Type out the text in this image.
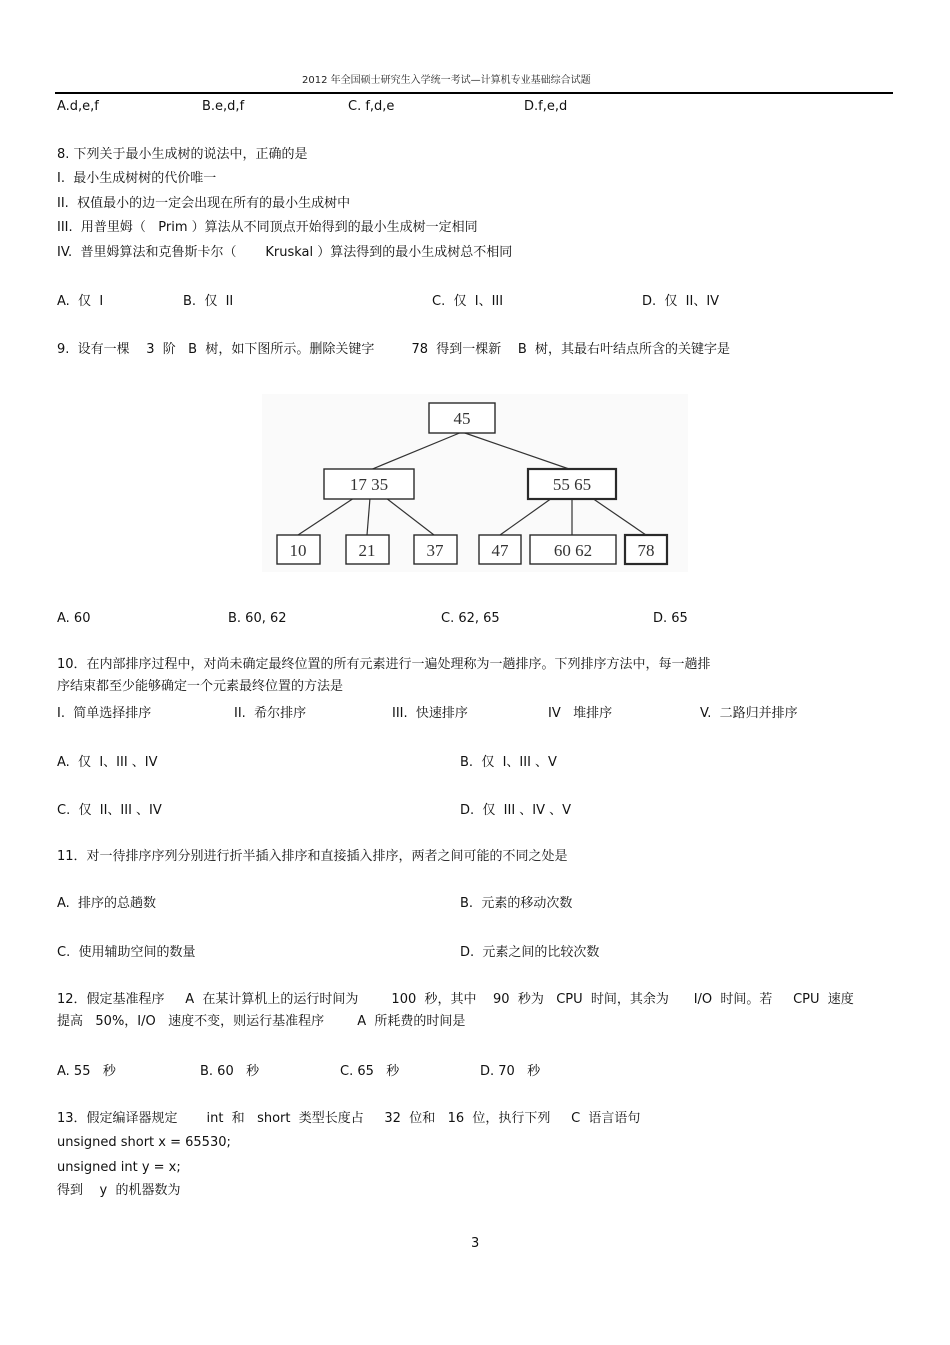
2012 年全国硕士研究生入学统一考试—计算机专业基础综合试题
A.d,e,f	B.e,d,f	C. f,d,e	D.f,e,d
8. 下列关于最小生成树的说法中，正确的是
I.  最小生成树树的代价唯一
II.  权值最小的边一定会出现在所有的最小生成树中
III.  用普里姆（   Prim ）算法从不同顶点开始得到的最小生成树一定相同
IV.  普里姆算法和克鲁斯卡尔（       Kruskal ）算法得到的最小生成树总不相同
A.  仅  I	B.  仅  II	C.  仅  I、III	D.  仅  II、IV
9.  设有一棵    3  阶   B  树，如下图所示。删除关键字         78  得到一棵新    B  树，其最右叶结点所含的关键字是
45
17 35	55 65
10	21	37	47	60 62	78
A. 60	B. 60, 62	C. 62, 65	D. 65
10．在内部排序过程中，对尚未确定最终位置的所有元素进行一遍处理称为一趟排序。下列排序方法中，每一趟排
序结束都至少能够确定一个元素最终位置的方法是
I.  简单选择排序	II.  希尔排序	III.  快速排序	IV   堆排序	V.  二路归并排序
A.  仅  I、III 、IV	B.  仅  I、III 、V
C.  仅  II、III 、IV	D.  仅  III 、IV 、V
11．对一待排序序列分别进行折半插入排序和直接插入排序，两者之间可能的不同之处是
A.  排序的总趟数	B.  元素的移动次数
C.  使用辅助空间的数量	D.  元素之间的比较次数
12．假定基准程序     A  在某计算机上的运行时间为        100  秒，其中    90  秒为   CPU  时间，其余为      I/O  时间。若     CPU  速度
提高   50%，I/O   速度不变，则运行基准程序        A  所耗费的时间是
A. 55   秒	B. 60   秒	C. 65   秒	D. 70   秒
13．假定编译器规定       int  和   short  类型长度占     32  位和   16  位，执行下列     C  语言语句
unsigned short x = 65530;
unsigned int y = x;
得到    y  的机器数为
3
